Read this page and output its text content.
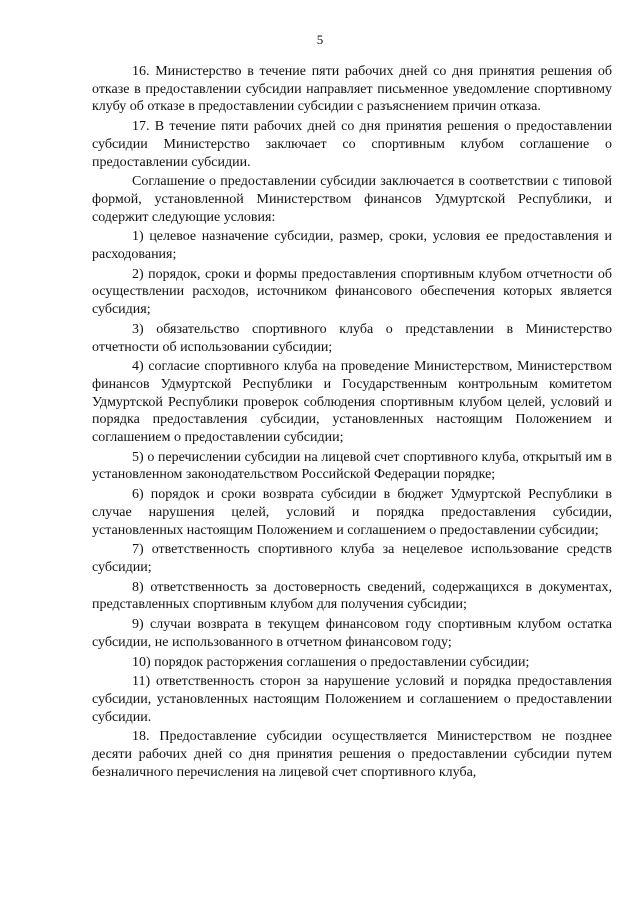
5

16. Министерство в течение пяти рабочих дней со дня принятия решения об отказе в предоставлении субсидии направляет письменное уведомление спортивному клубу об отказе в предоставлении субсидии с разъяснением причин отказа.

17. В течение пяти рабочих дней со дня принятия решения о предоставлении субсидии Министерство заключает со спортивным клубом соглашение о предоставлении субсидии.

Соглашение о предоставлении субсидии заключается в соответствии с типовой формой, установленной Министерством финансов Удмуртской Республики, и содержит следующие условия:

1) целевое назначение субсидии, размер, сроки, условия ее предоставления и расходования;

2) порядок, сроки и формы предоставления спортивным клубом отчетности об осуществлении расходов, источником финансового обеспечения которых является субсидия;

3) обязательство спортивного клуба о представлении в Министерство отчетности об использовании субсидии;

4) согласие спортивного клуба на проведение Министерством, Министерством финансов Удмуртской Республики и Государственным контрольным комитетом Удмуртской Республики проверок соблюдения спортивным клубом целей, условий и порядка предоставления субсидии, установленных настоящим Положением и соглашением о предоставлении субсидии;

5) о перечислении субсидии на лицевой счет спортивного клуба, открытый им в установленном законодательством Российской Федерации порядке;

6) порядок и сроки возврата субсидии в бюджет Удмуртской Республики в случае нарушения целей, условий и порядка предоставления субсидии, установленных настоящим Положением и соглашением о предоставлении субсидии;

7) ответственность спортивного клуба за нецелевое использование средств субсидии;

8) ответственность за достоверность сведений, содержащихся в документах, представленных спортивным клубом для получения субсидии;

9) случаи возврата в текущем финансовом году спортивным клубом остатка субсидии, не использованного в отчетном финансовом году;

10) порядок расторжения соглашения о предоставлении субсидии;

11) ответственность сторон за нарушение условий и порядка предоставления субсидии, установленных настоящим Положением и соглашением о предоставлении субсидии.

18. Предоставление субсидии осуществляется Министерством не позднее десяти рабочих дней со дня принятия решения о предоставлении субсидии путем безналичного перечисления на лицевой счет спортивного клуба,
